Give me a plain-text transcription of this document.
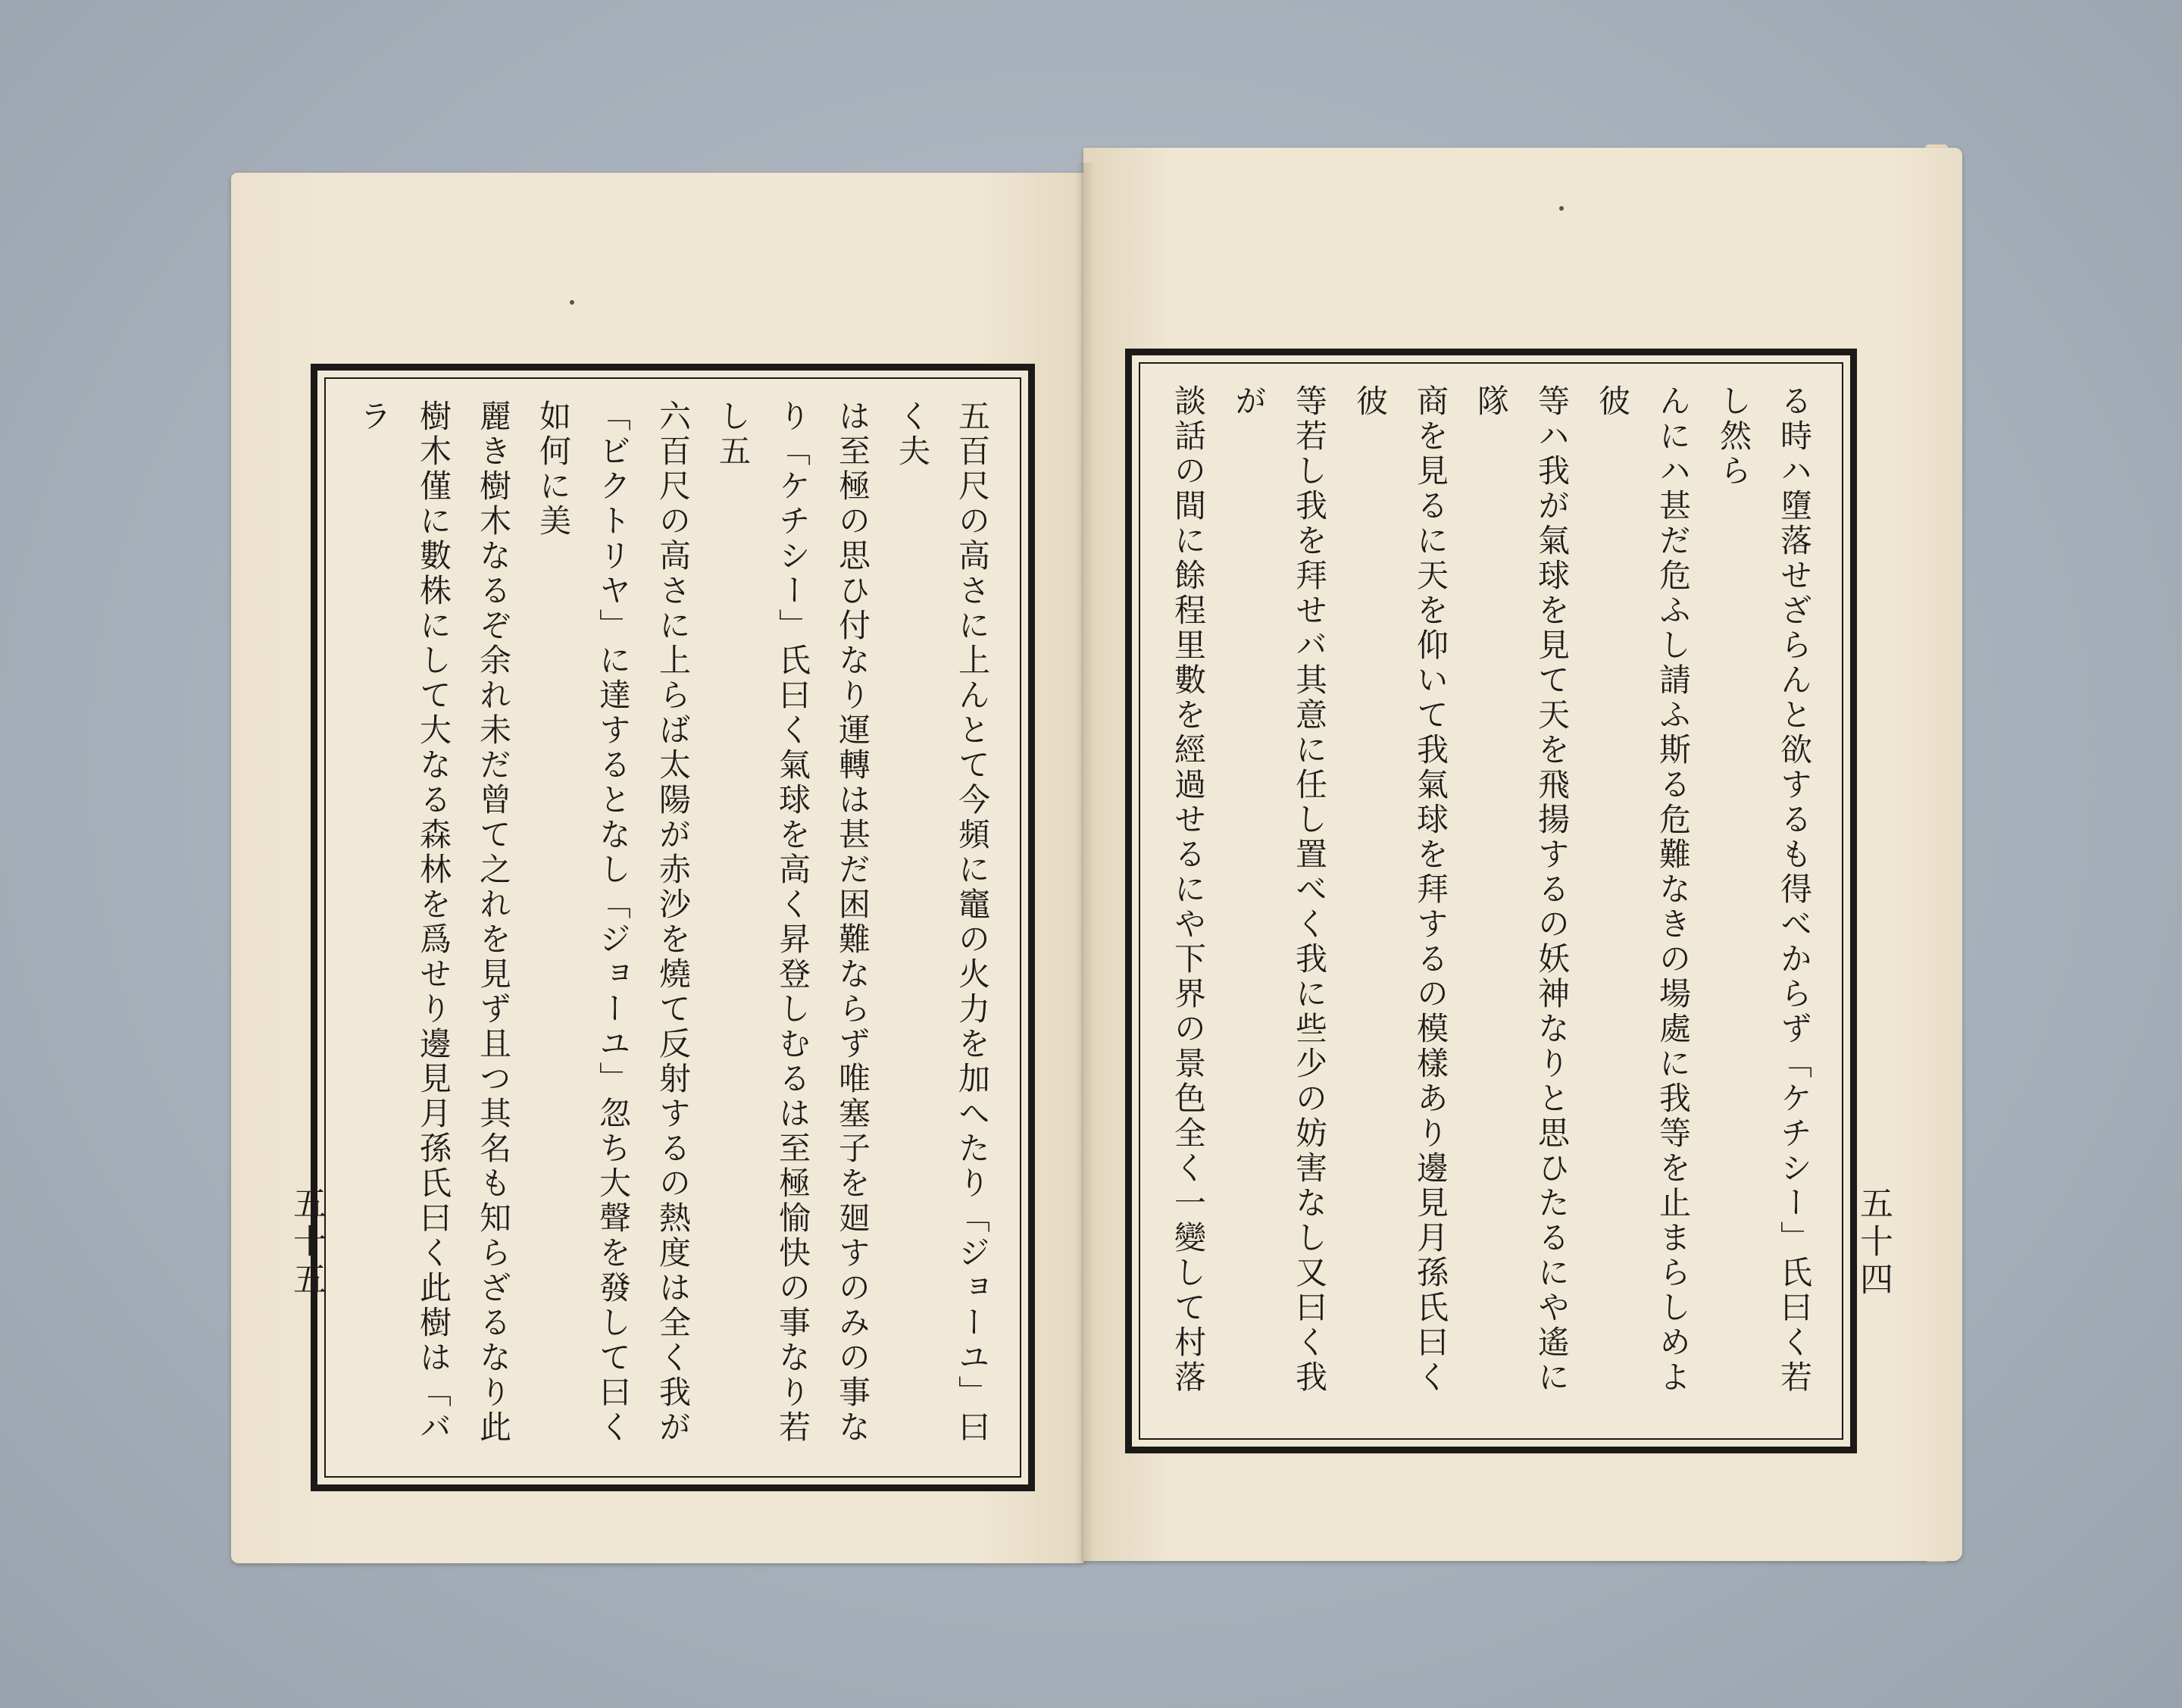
五百尺の高さに上んとて今頻に竈の火力を加へたり「ジョーユ」曰く夫
は至極の思ひ付なり運轉は甚だ困難ならず唯塞子を廻すのみの事な
り「ケチシー」氏曰く氣球を高く昇登しむるは至極愉快の事なり若し五
六百尺の高さに上らば太陽が赤沙を燒て反射するの熱度は全く我が
「ビクトリヤ」に達するとなし「ジョーユ」忽ち大聲を發して曰く如何に美
麗き樹木なるぞ余れ未だ曾て之れを見ず且つ其名も知らざるなり此
樹木僅に數株にして大なる森林を爲せり邊見月孫氏曰く此樹は「バラ

五十五	る時ハ墮落せざらんと欲するも得べからず「ケチシー」氏曰く若し然ら
んにハ甚だ危ふし請ふ斯る危難なきの場處に我等を止まらしめよ彼
等ハ我が氣球を見て天を飛揚するの妖神なりと思ひたるにや遙に隊
商を見るに天を仰いて我氣球を拜するの模樣あり邊見月孫氏曰く彼
等若し我を拜せバ其意に任し置べく我に些少の妨害なし又曰く我が
談話の間に餘程里數を經過せるにや下界の景色全く一變して村落

五十四
